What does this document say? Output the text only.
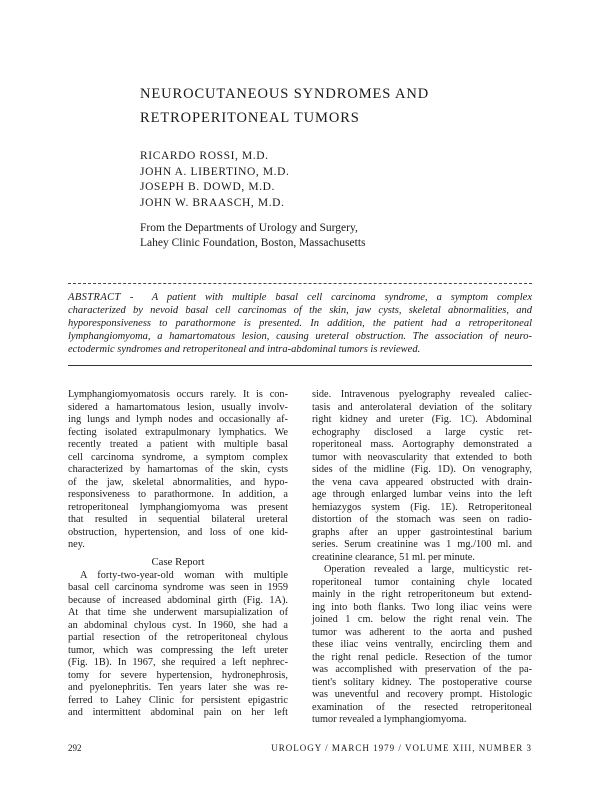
NEUROCUTANEOUS SYNDROMES AND
RETROPERITONEAL TUMORS
RICARDO ROSSI, M.D.
JOHN A. LIBERTINO, M.D.
JOSEPH B. DOWD, M.D.
JOHN W. BRAASCH, M.D.
From the Departments of Urology and Surgery,
Lahey Clinic Foundation, Boston, Massachusetts
ABSTRACT - A patient with multiple basal cell carcinoma syndrome, a symptom complex
characterized by nevoid basal cell carcinomas of the skin, jaw cysts, skeletal abnormalities, and
hyporesponsiveness to parathormone is presented. In addition, the patient had a retroperitoneal
lymphangiomyoma, a hamartomatous lesion, causing ureteral obstruction. The association of neuro-
ectodermic syndromes and retroperitoneal and intra-abdominal tumors is reviewed.
Lymphangiomyomatosis occurs rarely. It is con-
sidered a hamartomatous lesion, usually involv-
ing lungs and lymph nodes and occasionally af-
fecting isolated extrapulmonary lymphatics. We
recently treated a patient with multiple basal
cell carcinoma syndrome, a symptom complex
characterized by hamartomas of the skin, cysts
of the jaw, skeletal abnormalities, and hypo-
responsiveness to parathormone. In addition, a
retroperitoneal lymphangiomyoma was present
that resulted in sequential bilateral ureteral
obstruction, hypertension, and loss of one kid-
ney.
Case Report
A forty-two-year-old woman with multiple
basal cell carcinoma syndrome was seen in 1959
because of increased abdominal girth (Fig. 1A).
At that time she underwent marsupialization of
an abdominal chylous cyst. In 1960, she had a
partial resection of the retroperitoneal chylous
tumor, which was compressing the left ureter
(Fig. 1B). In 1967, she required a left nephrec-
tomy for severe hypertension, hydronephrosis,
and pyelonephritis. Ten years later she was re-
ferred to Lahey Clinic for persistent epigastric
and intermittent abdominal pain on her left
side. Intravenous pyelography revealed caliec-
tasis and anterolateral deviation of the solitary
right kidney and ureter (Fig. 1C). Abdominal
echography disclosed a large cystic ret-
roperitoneal mass. Aortography demonstrated a
tumor with neovascularity that extended to both
sides of the midline (Fig. 1D). On venography,
the vena cava appeared obstructed with drain-
age through enlarged lumbar veins into the left
hemiazygos system (Fig. 1E). Retroperitoneal
distortion of the stomach was seen on radio-
graphs after an upper gastrointestinal barium
series. Serum creatinine was 1 mg./100 ml. and
creatinine clearance, 51 ml. per minute.
Operation revealed a large, multicystic ret-
roperitoneal tumor containing chyle located
mainly in the right retroperitoneum but extend-
ing into both flanks. Two long iliac veins were
joined 1 cm. below the right renal vein. The
tumor was adherent to the aorta and pushed
these iliac veins ventrally, encircling them and
the right renal pedicle. Resection of the tumor
was accomplished with preservation of the pa-
tient's solitary kidney. The postoperative course
was uneventful and recovery prompt. Histologic
examination of the resected retroperitoneal
tumor revealed a lymphangiomyoma.
292	UROLOGY / MARCH 1979 / VOLUME XIII, NUMBER 3
